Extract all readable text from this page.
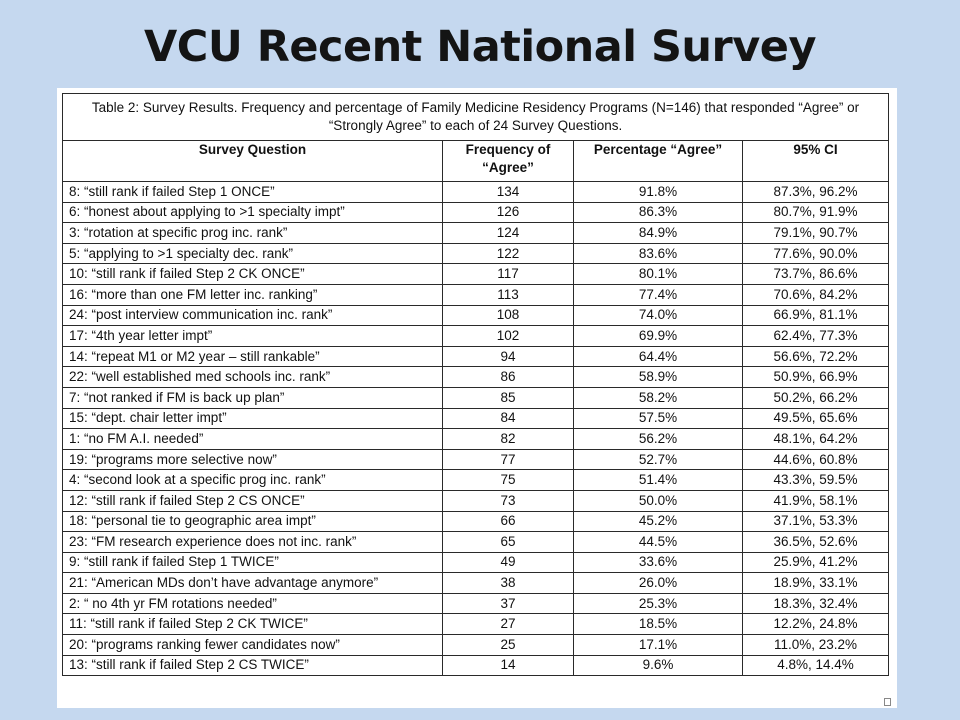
VCU Recent National Survey
Table 2: Survey Results. Frequency and percentage of Family Medicine Residency Programs (N=146) that responded “Agree” or “Strongly Agree” to each of 24 Survey Questions.			
Survey Question	Frequency of “Agree”	Percentage “Agree”	95% CI
8: “still rank if failed Step 1 ONCE”	134	91.8%	87.3%, 96.2%
6: “honest about applying to >1 specialty impt”	126	86.3%	80.7%, 91.9%
3: “rotation at specific prog inc. rank”	124	84.9%	79.1%, 90.7%
5: “applying to >1 specialty dec. rank”	122	83.6%	77.6%, 90.0%
10: “still rank if failed Step 2 CK ONCE”	117	80.1%	73.7%, 86.6%
16: “more than one FM letter inc. ranking”	113	77.4%	70.6%, 84.2%
24: “post interview communication inc. rank”	108	74.0%	66.9%, 81.1%
17: “4th year letter impt”	102	69.9%	62.4%, 77.3%
14: “repeat M1 or M2 year – still rankable”	94	64.4%	56.6%, 72.2%
22: “well established med schools inc. rank”	86	58.9%	50.9%, 66.9%
7: “not ranked if FM is back up plan”	85	58.2%	50.2%, 66.2%
15: “dept. chair letter impt”	84	57.5%	49.5%, 65.6%
1: “no FM A.I. needed”	82	56.2%	48.1%, 64.2%
19: “programs more selective now”	77	52.7%	44.6%, 60.8%
4: “second look at a specific prog inc. rank”	75	51.4%	43.3%, 59.5%
12: “still rank if failed Step 2 CS ONCE”	73	50.0%	41.9%, 58.1%
18: “personal tie to geographic area impt”	66	45.2%	37.1%, 53.3%
23: “FM research experience does not inc. rank”	65	44.5%	36.5%, 52.6%
9: “still rank if failed Step 1 TWICE”	49	33.6%	25.9%, 41.2%
21: “American MDs don’t have advantage anymore”	38	26.0%	18.9%, 33.1%
2: “ no 4th yr FM rotations needed”	37	25.3%	18.3%, 32.4%
11: “still rank if failed Step 2 CK TWICE”	27	18.5%	12.2%, 24.8%
20: “programs ranking fewer candidates now”	25	17.1%	11.0%, 23.2%
13: “still rank if failed Step 2 CS TWICE”	14	9.6%	4.8%, 14.4%
